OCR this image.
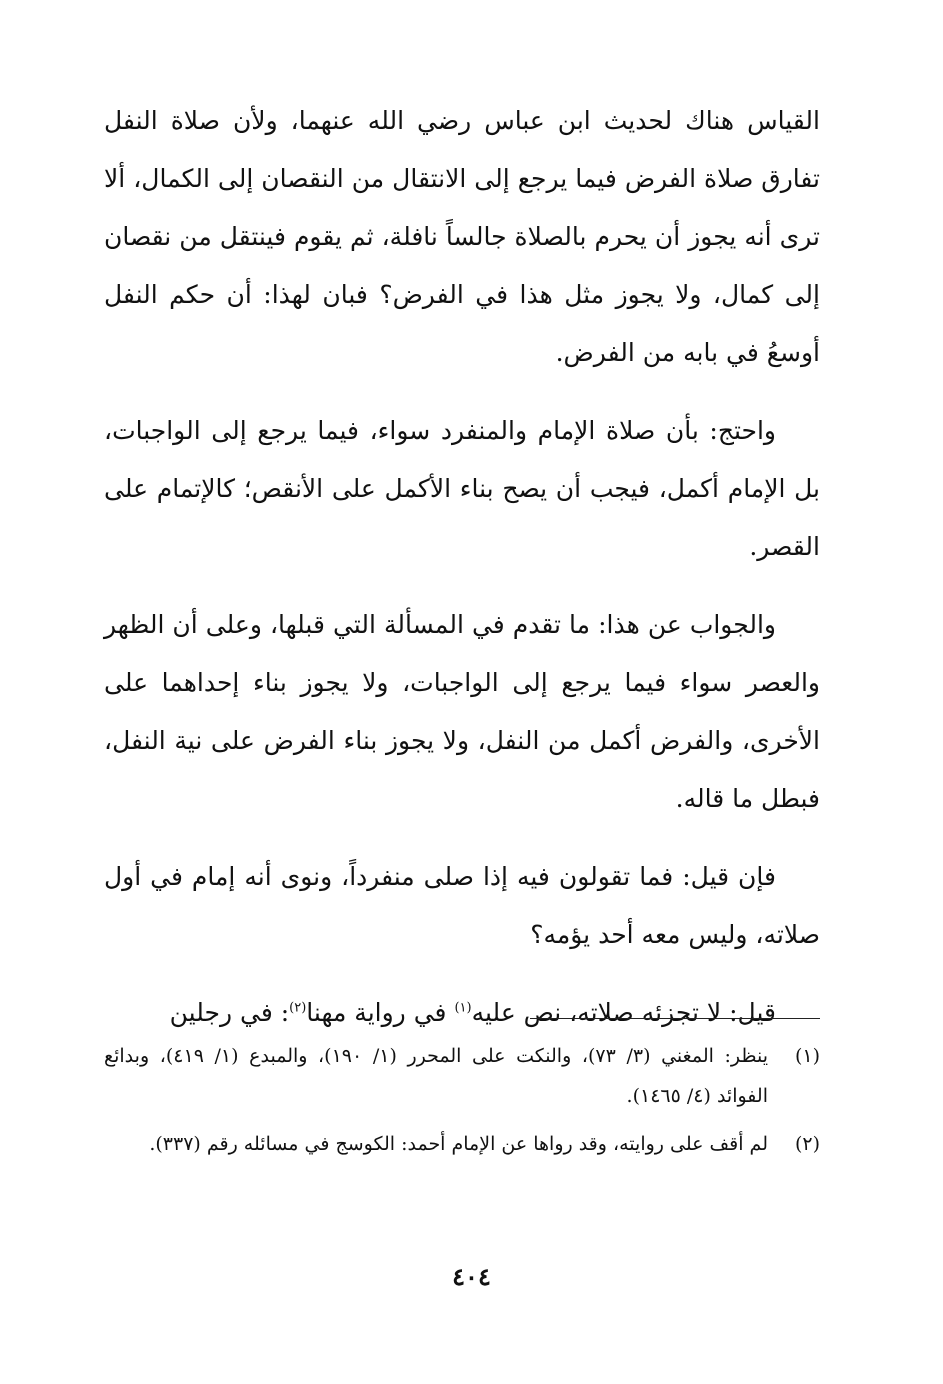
القياس هناك لحديث ابن عباس رضي الله عنهما، ولأن صلاة النفل تفارق صلاة الفرض فيما يرجع إلى الانتقال من النقصان إلى الكمال، ألا ترى أنه يجوز أن يحرم بالصلاة جالساً نافلة، ثم يقوم فينتقل من نقصان إلى كمال، ولا يجوز مثل هذا في الفرض؟ فبان لهذا: أن حكم النفل أوسعُ في بابه من الفرض.

واحتج: بأن صلاة الإمام والمنفرد سواء، فيما يرجع إلى الواجبات، بل الإمام أكمل، فيجب أن يصح بناء الأكمل على الأنقص؛ كالإتمام على القصر.

والجواب عن هذا: ما تقدم في المسألة التي قبلها، وعلى أن الظهر والعصر سواء فيما يرجع إلى الواجبات، ولا يجوز بناء إحداهما على الأخرى، والفرض أكمل من النفل، ولا يجوز بناء الفرض على نية النفل، فبطل ما قاله.

فإن قيل: فما تقولون فيه إذا صلى منفرداً، ونوى أنه إمام في أول صلاته، وليس معه أحد يؤمه؟

قيل: لا تجزئه صلاته، نص عليه$^{(١)}$ في رواية مهنا$^{(٢)}$: في رجلين

(١)
ينظر: المغني (٣/ ٧٣)، والنكت على المحرر (١/ ١٩٠)، والمبدع (١/ ٤١٩)، وبدائع الفوائد (٤/ ١٤٦٥).
(٢)
لم أقف على روايته، وقد رواها عن الإمام أحمد: الكوسج في مسائله رقم (٣٣٧).
٤٠٤
